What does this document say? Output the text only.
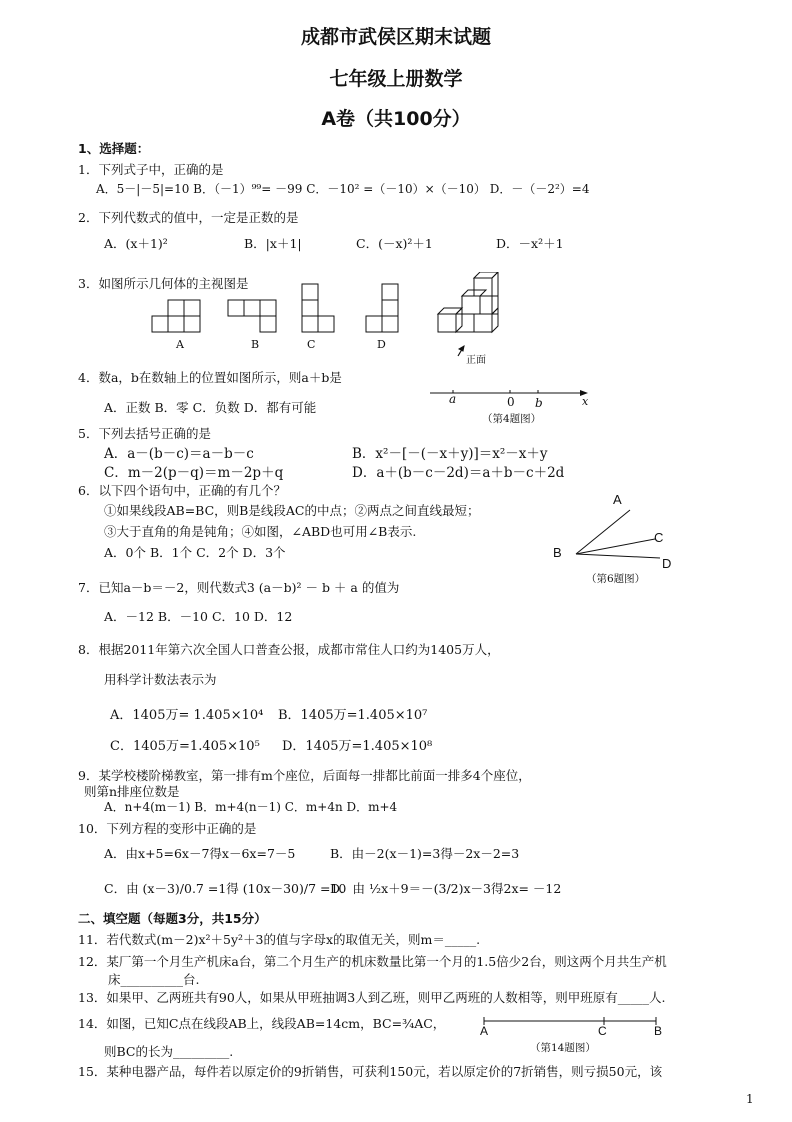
成都市武侯区期末试题
七年级上册数学
A卷（共100分）
1、选择题：
1．下列式子中，正确的是
A．5－|－5|=10 B．（－1）⁹⁹= －99 C．－10² =（－10）×（－10） D．－（－2²）=4
2．下列代数式的值中，一定是正数的是
A．(x＋1)²	B．|x＋1|	C．(－x)²＋1	D．－x²＋1
3．如图所示几何体的主视图是
A	B	C	D
正面
4．数a，b在数轴上的位置如图所示，则a＋b是
A．正数 B．零 C．负数 D．都有可能
a	0 b	x
（第4题图）
5．下列去括号正确的是
A．a－(b－c)＝a－b－c	B．x²－[－(－x＋y)]＝x²－x＋y
C．m－2(p－q)＝m－2p＋q	D．a＋(b－c－2d)＝a＋b－c＋2d
6．以下四个语句中，正确的有几个？
①如果线段AB=BC，则B是线段AC的中点；②两点之间直线最短；
③大于直角的角是钝角；④如图，∠ABD也可用∠B表示.
A．0个 B．1个 C．2个 D．3个
A
B
C
D
（第6题图）
7．已知a－b＝－2，则代数式3 (a－b)² － b ＋ a 的值为
A．－12 B．－10 C．10 D．12
8．根据2011年第六次全国人口普查公报，成都市常住人口约为1405万人，
用科学计数法表示为
A．1405万= 1.405×10⁴ B．1405万=1.405×10⁷
C．1405万=1.405×10⁵ D．1405万=1.405×10⁸
9．某学校楼阶梯教室，第一排有m个座位，后面每一排都比前面一排多4个座位，
则第n排座位数是
A．n+4(m－1) B．m+4(n－1) C．m+4n D．m+4
10．下列方程的变形中正确的是
A．由x+5=6x－7得x－6x=7－5	B．由－2(x－1)=3得－2x－2=3
C．由 (x－3)/0.7 =1得 (10x－30)/7 =10
D．由 ½x＋9＝－(3/2)x－3得2x= －12
二、填空题（每题3分，共15分）
11．若代数式(m－2)x²＋5y²＋3的值与字母x的取值无关，则m＝_____.
12．某厂第一个月生产机床a台，第二个月生产的机床数量比第一个月的1.5倍少2台，则这两个月共生产机
床__________台.
13．如果甲、乙两班共有90人，如果从甲班抽调3人到乙班，则甲乙两班的人数相等，则甲班原有_____人.
14．如图，已知C点在线段AB上，线段AB=14cm，BC=¾AC，	A	C	B
（第14题图）
则BC的长为_________.
15．某种电器产品，每件若以原定价的9折销售，可获利150元，若以原定价的7折销售，则亏损50元，该
1
